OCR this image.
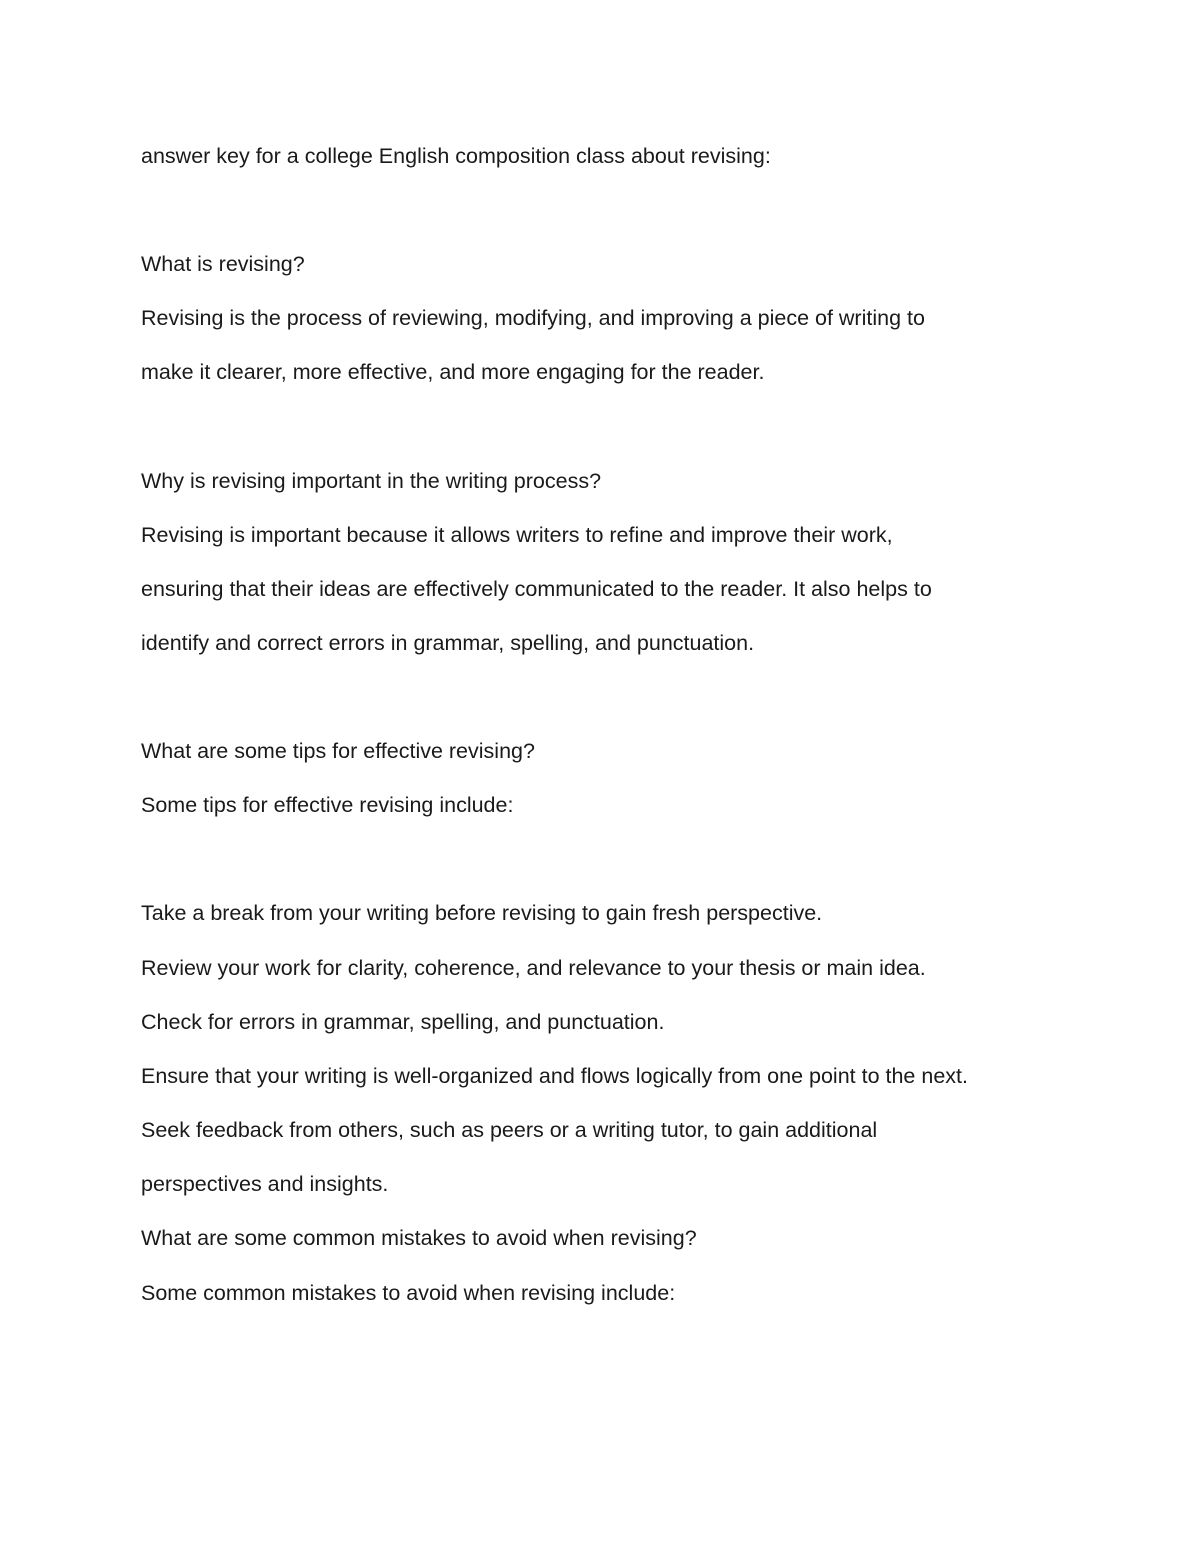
answer key for a college English composition class about revising:

What is revising?

Revising is the process of reviewing, modifying, and improving a piece of writing to

make it clearer, more effective, and more engaging for the reader.

Why is revising important in the writing process?

Revising is important because it allows writers to refine and improve their work,

ensuring that their ideas are effectively communicated to the reader. It also helps to

identify and correct errors in grammar, spelling, and punctuation.

What are some tips for effective revising?

Some tips for effective revising include:

Take a break from your writing before revising to gain fresh perspective.

Review your work for clarity, coherence, and relevance to your thesis or main idea.

Check for errors in grammar, spelling, and punctuation.

Ensure that your writing is well-organized and flows logically from one point to the next.

Seek feedback from others, such as peers or a writing tutor, to gain additional

perspectives and insights.

What are some common mistakes to avoid when revising?

Some common mistakes to avoid when revising include:
